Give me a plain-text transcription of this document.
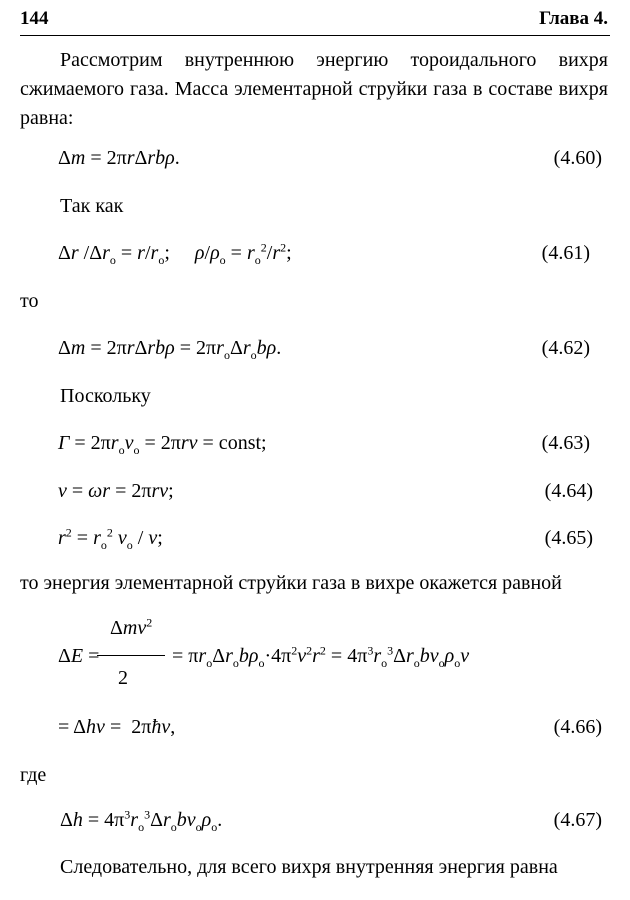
144	Глава 4.

Рассмотрим внутреннюю энергию тороидального вихря сжимаемого газа. Масса элементарной струйки газа в составе вихря равна:

Δm = 2πrΔrbρ.	(4.60)
Так как
Δr $/\Delta r_o = r/r_o$;     $\rho/\rho_o = r_o^2/r^2$;	(4.61)
то
$\Delta m = 2\pi r\Delta rb\rho = 2\pi r_o\Delta r_ob\rho$.	(4.62)
Поскольку
$\Gamma = 2\pi r_ov_o = 2\pi rv$ = const;	(4.63)
v = ωr = 2πrν;	(4.64)
$r^2 = r_o^2$ $v_o$ / v;	(4.65)
то энергия элементарной струйки газа в вихре окажется равной
Δmv$^2$
ΔE =	= $\pi r_o\Delta r_ob\rho_o\cdot 4\pi^2\nu^2r^2 = 4\pi^3r_o^3\Delta r_obv_o\rho_o\nu$
2
= Δhν =  2πħν,	(4.66)
где
$\Delta h = 4\pi^3r_o^3\Delta r_obv_o\rho_o$.	(4.67)
Следовательно, для всего вихря внутренняя энергия равна
